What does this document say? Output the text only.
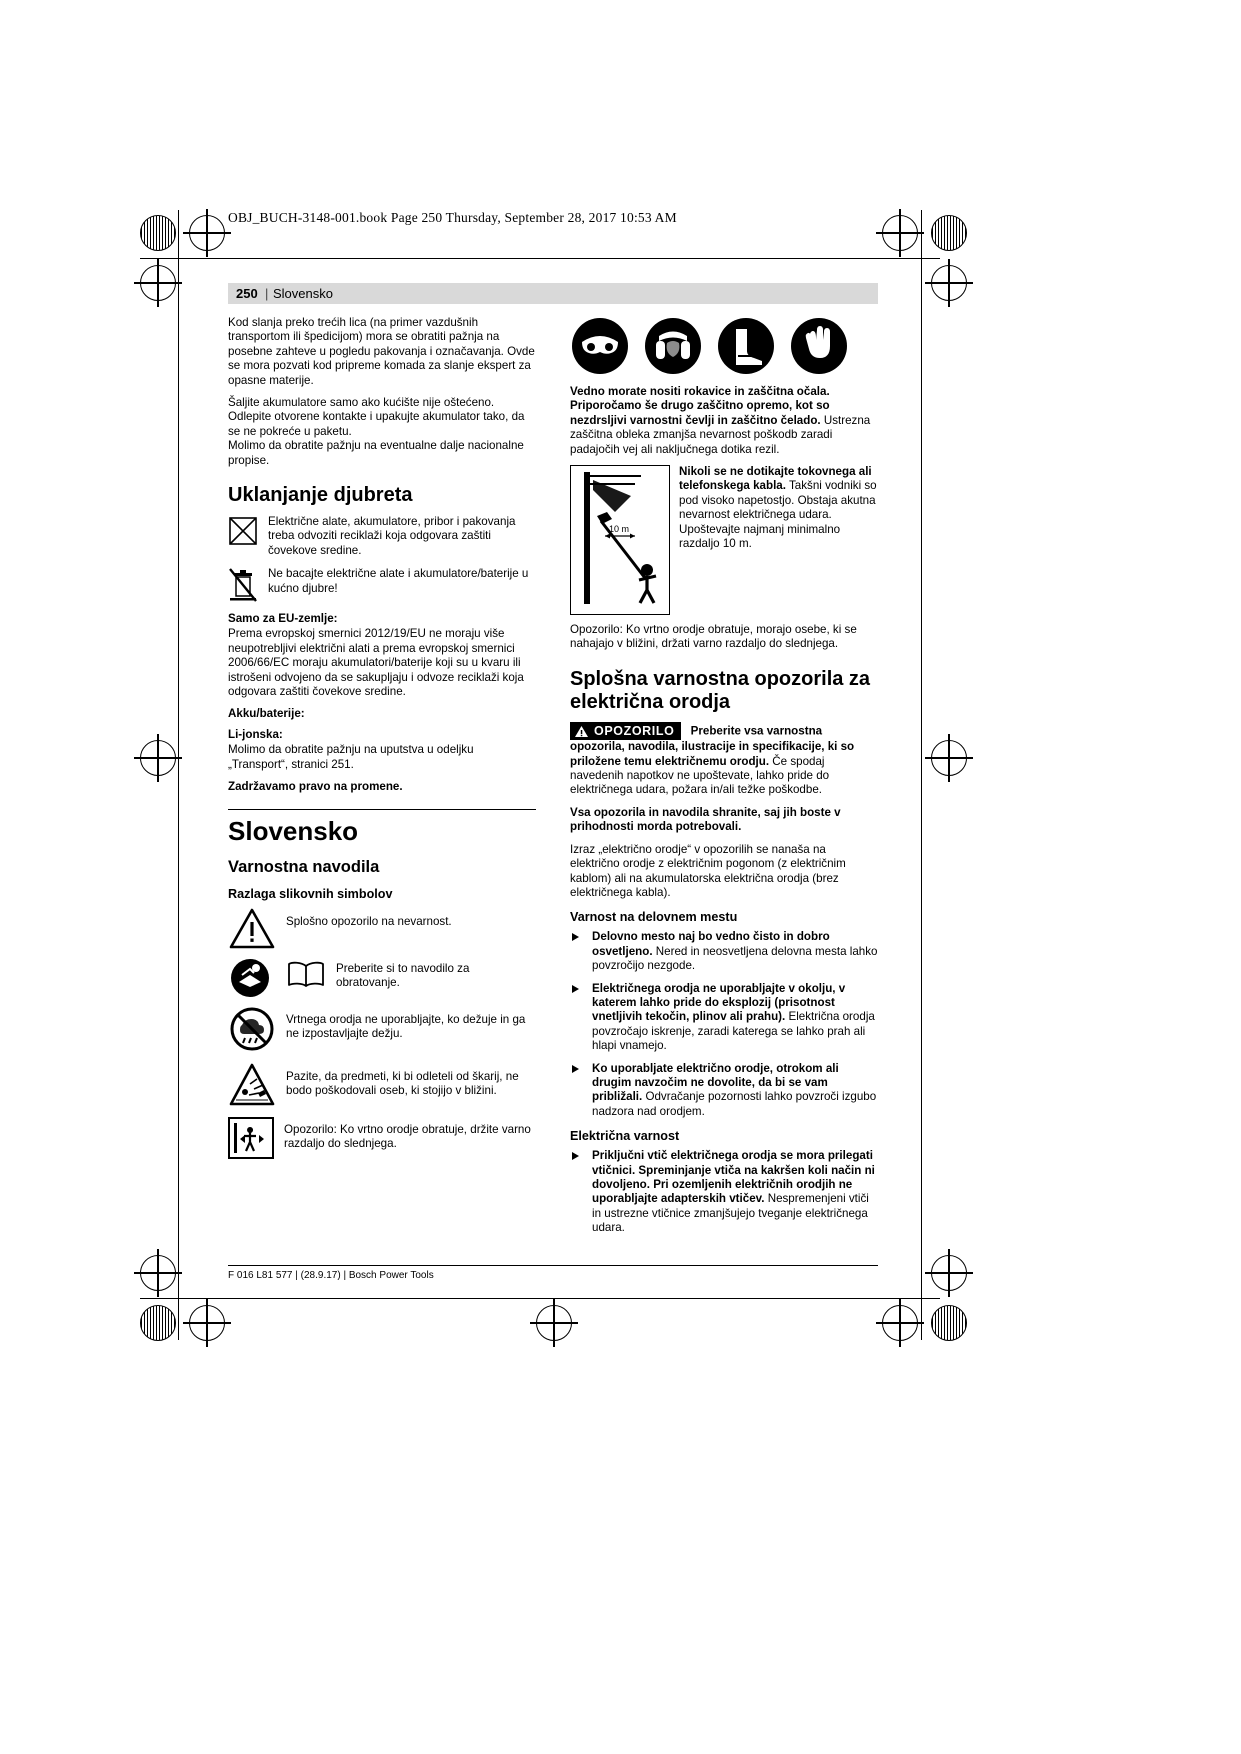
OBJ_BUCH-3148-001.book Page 250 Thursday, September 28, 2017 10:53 AM
250 | Slovensko

Kod slanja preko trećih lica (na primer vazdušnih transportom ili špedicijom) mora se obratiti pažnja na posebne zahteve u pogledu pakovanja i označavanja. Ovde se mora pozvati kod pripreme komada za slanje ekspert za opasne materije.

Šaljite akumulatore samo ako kućište nije oštećeno. Odlepite otvorene kontakte i upakujte akumulator tako, da se ne pokreće u paketu.

Molimo da obratite pažnju na eventualne dalje nacionalne propise.

Uklanjanje djubreta
Električne alate, akumulatore, pribor i pakovanja treba odvoziti reciklaži koja odgovara zaštiti čovekove sredine.
Ne bacajte električne alate i akumulatore/baterije u kućno djubre!
Samo za EU-zemlje:

Prema evropskoj smernici 2012/19/EU ne moraju više neupotrebljivi električni alati a prema evropskoj smernici 2006/66/EC moraju akumulatori/baterije koji su u kvaru ili istrošeni odvojeno da se sakupljaju i odvoze reciklaži koja odgovara zaštiti čovekove sredine.

Akku/baterije:
Li-jonska:

Molimo da obratite pažnju na uputstva u odeljku „Transport“, stranici 251.

Zadržavamo pravo na promene.

Slovensko
Varnostna navodila
Razlaga slikovnih simbolov
Splošno opozorilo na nevarnost.
Preberite si to navodilo za obratovanje.
Vrtnega orodja ne uporabljajte, ko dežuje in ga ne izpostavljajte dežju.
Pazite, da predmeti, ki bi odleteli od škarij, ne bodo poškodovali oseb, ki stojijo v bližini.
Opozorilo: Ko vrtno orodje obratuje, držite varno razdaljo do slednjega.

Vedno morate nositi rokavice in zaščitna očala. Priporočamo še drugo zaščitno opremo, kot so nezdrsljivi varnostni čevlji in zaščitno čelado. Ustrezna zaščitna obleka zmanjša nevarnost poškodb zaradi padajočih vej ali naključnega dotika rezil.

10 m
Nikoli se ne dotikajte tokovnega ali telefonskega kabla. Takšni vodniki so pod visoko napetostjo. Obstaja akutna nevarnost električnega udara. Upoštevajte najmanj minimalno razdaljo 10 m.

Opozorilo: Ko vrtno orodje obratuje, morajo osebe, ki se nahajajo v bližini, držati varno razdaljo do slednjega.

Splošna varnostna opozorila za električna orodja

OPOZORILO Preberite vsa varnostna opozorila, navodila, ilustracije in specifikacije, ki so priložene temu električnemu orodju. Če spodaj navedenih napotkov ne upoštevate, lahko pride do električnega udara, požara in/ali težke poškodbe.

Vsa opozorila in navodila shranite, saj jih boste v prihodnosti morda potrebovali.

Izraz „električno orodje“ v opozorilih se nanaša na električno orodje z električnim pogonom (z električnim kablom) ali na akumulatorska električna orodja (brez električnega kabla).

Varnost na delovnem mestu
Delovno mesto naj bo vedno čisto in dobro osvetljeno. Nered in neosvetljena delovna mesta lahko povzročijo nezgode.
Električnega orodja ne uporabljajte v okolju, v katerem lahko pride do eksplozij (prisotnost vnetljivih tekočin, plinov ali prahu). Električna orodja povzročajo iskrenje, zaradi katerega se lahko prah ali hlapi vnamejo.
Ko uporabljate električno orodje, otrokom ali drugim navzočim ne dovolite, da bi se vam približali. Odvračanje pozornosti lahko povzroči izgubo nadzora nad orodjem.
Električna varnost
Priključni vtič električnega orodja se mora prilegati vtičnici. Spreminjanje vtiča na kakršen koli način ni dovoljeno. Pri ozemljenih električnih orodjih ne uporabljajte adapterskih vtičev. Nespremenjeni vtiči in ustrezne vtičnice zmanjšujejo tveganje električnega udara.
F 016 L81 577 | (28.9.17) | Bosch Power Tools
